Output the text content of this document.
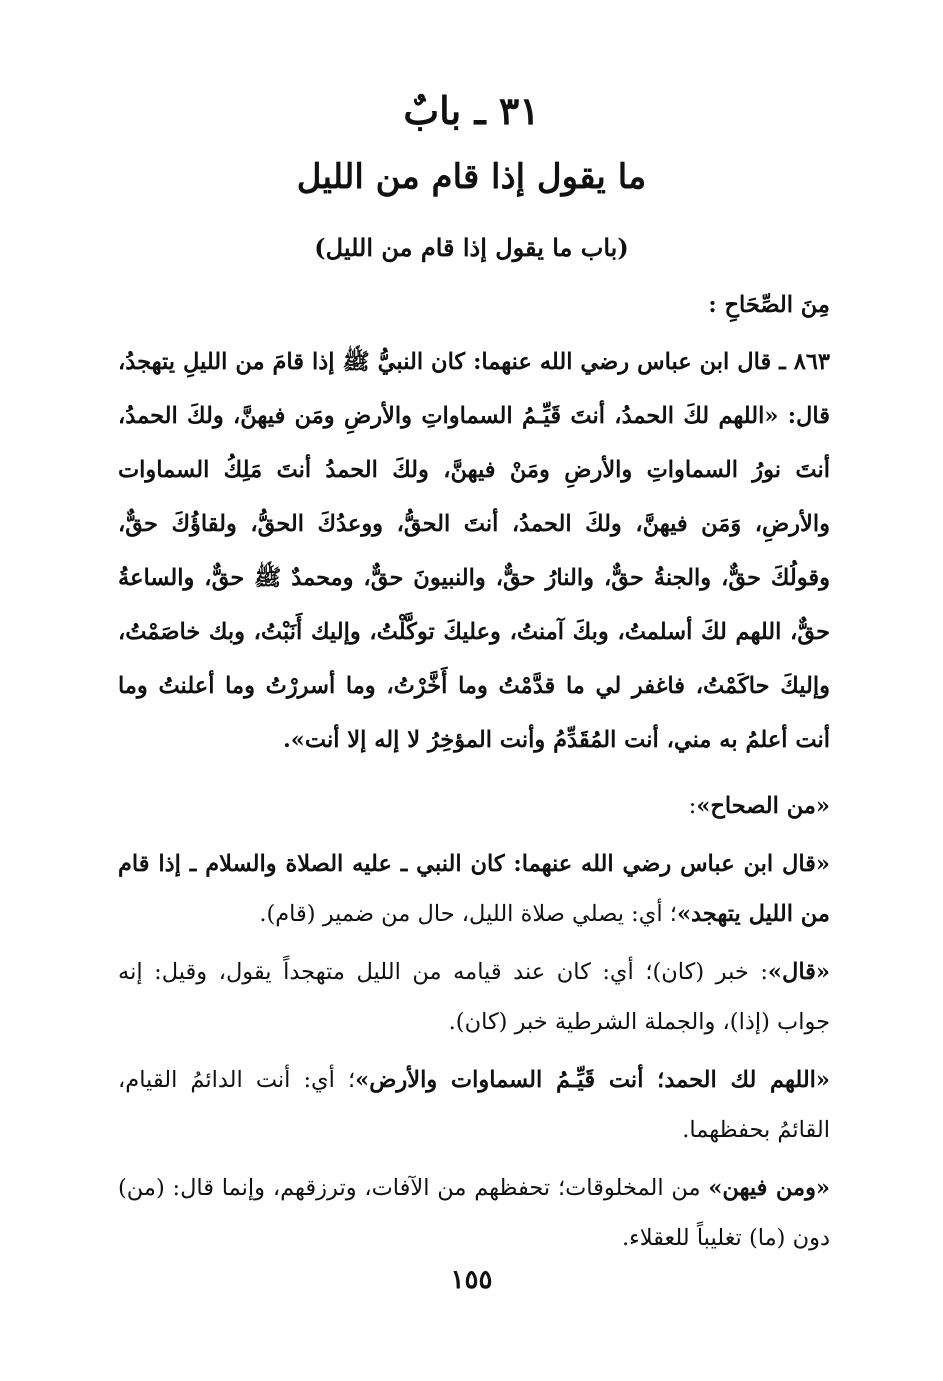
٣١ ـ بابٌ
ما يقول إذا قام من الليل
(باب ما يقول إذا قام من الليل)

مِنَ الصِّحَاحِ :

٨٦٣ ـ قال ابن عباس رضي الله عنهما: كان النبيُّ ﷺ إذا قامَ من الليلِ يتهجدُ، قال: «اللهم لكَ الحمدُ، أنتَ قَيِّـمُ السماواتِ والأرضِ ومَن فيهنَّ، ولكَ الحمدُ، أنتَ نورُ السماواتِ والأرضِ ومَنْ فيهنَّ، ولكَ الحمدُ أنتَ مَلِكُ السماوات والأرضِ، وَمَن فيهنَّ، ولكَ الحمدُ، أنتَ الحقُّ، ووعدُكَ الحقُّ، ولقاؤُكَ حقٌّ، وقولُكَ حقٌّ، والجنةُ حقٌّ، والنارُ حقٌّ، والنبيونَ حقٌّ، ومحمدٌ ﷺ حقٌّ، والساعةُ حقٌّ، اللهم لكَ أسلمتُ، وبكَ آمنتُ، وعليكَ توكَّلْتُ، وإليك أَنَبْتُ، وبك خاصَمْتُ، وإليكَ حاكَمْتُ، فاغفر لي ما قدَّمْتُ وما أَخَّرْتُ، وما أسررْتُ وما أعلنتُ وما أنت أعلمُ به مني، أنت المُقَدِّمُ وأنت المؤخِرُ لا إله إلا أنت».

«من الصحاح»:

«قال ابن عباس رضي الله عنهما: كان النبي ـ عليه الصلاة والسلام ـ إذا قام من الليل يتهجد»؛ أي: يصلي صلاة الليل، حال من ضمير (قام).

«قال»: خبر (كان)؛ أي: كان عند قيامه من الليل متهجداً يقول، وقيل: إنه جواب (إذا)، والجملة الشرطية خبر (كان).

«اللهم لك الحمد؛ أنت قَيِّـمُ السماوات والأرض»؛ أي: أنت الدائمُ القيام، القائمُ بحفظهما.

«ومن فيهن» من المخلوقات؛ تحفظهم من الآفات، وترزقهم، وإنما قال: (من) دون (ما) تغليباً للعقلاء.

١٥٥
